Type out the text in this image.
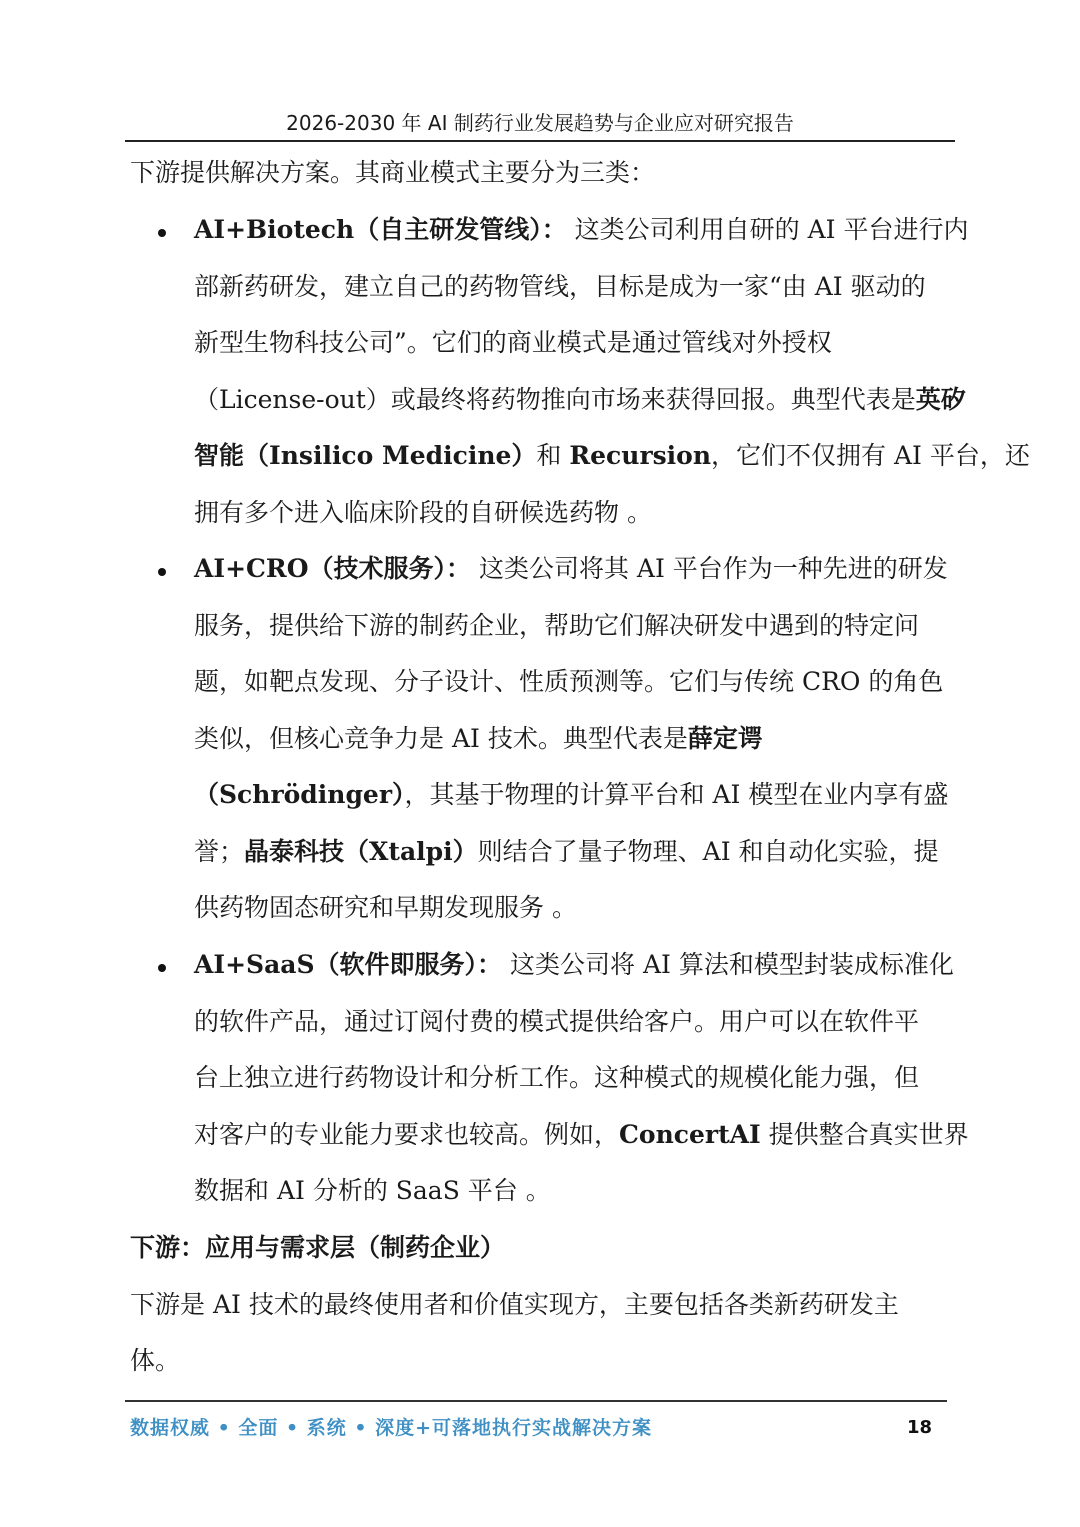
2026-2030 年 AI 制药行业发展趋势与企业应对研究报告
下游提供解决方案。其商业模式主要分为三类：
AI+Biotech（自主研发管线）： 这类公司利用自研的 AI 平台进行内
部新药研发，建立自己的药物管线，目标是成为一家“由 AI 驱动的
新型生物科技公司”。它们的商业模式是通过管线对外授权
（License-out）或最终将药物推向市场来获得回报。典型代表是英矽
智能（Insilico Medicine）和 Recursion，它们不仅拥有 AI 平台，还
拥有多个进入临床阶段的自研候选药物 。
AI+CRO（技术服务）： 这类公司将其 AI 平台作为一种先进的研发
服务，提供给下游的制药企业，帮助它们解决研发中遇到的特定问
题，如靶点发现、分子设计、性质预测等。它们与传统 CRO 的角色
类似，但核心竞争力是 AI 技术。典型代表是薛定谔
（Schrödinger），其基于物理的计算平台和 AI 模型在业内享有盛
誉；晶泰科技（Xtalpi）则结合了量子物理、AI 和自动化实验，提
供药物固态研究和早期发现服务 。
AI+SaaS（软件即服务）： 这类公司将 AI 算法和模型封装成标准化
的软件产品，通过订阅付费的模式提供给客户。用户可以在软件平
台上独立进行药物设计和分析工作。这种模式的规模化能力强，但
对客户的专业能力要求也较高。例如，ConcertAI 提供整合真实世界
数据和 AI 分析的 SaaS 平台 。
下游：应用与需求层（制药企业）
下游是 AI 技术的最终使用者和价值实现方，主要包括各类新药研发主
体。
数据权威 • 全面 • 系统 • 深度+可落地执行实战解决方案	18
